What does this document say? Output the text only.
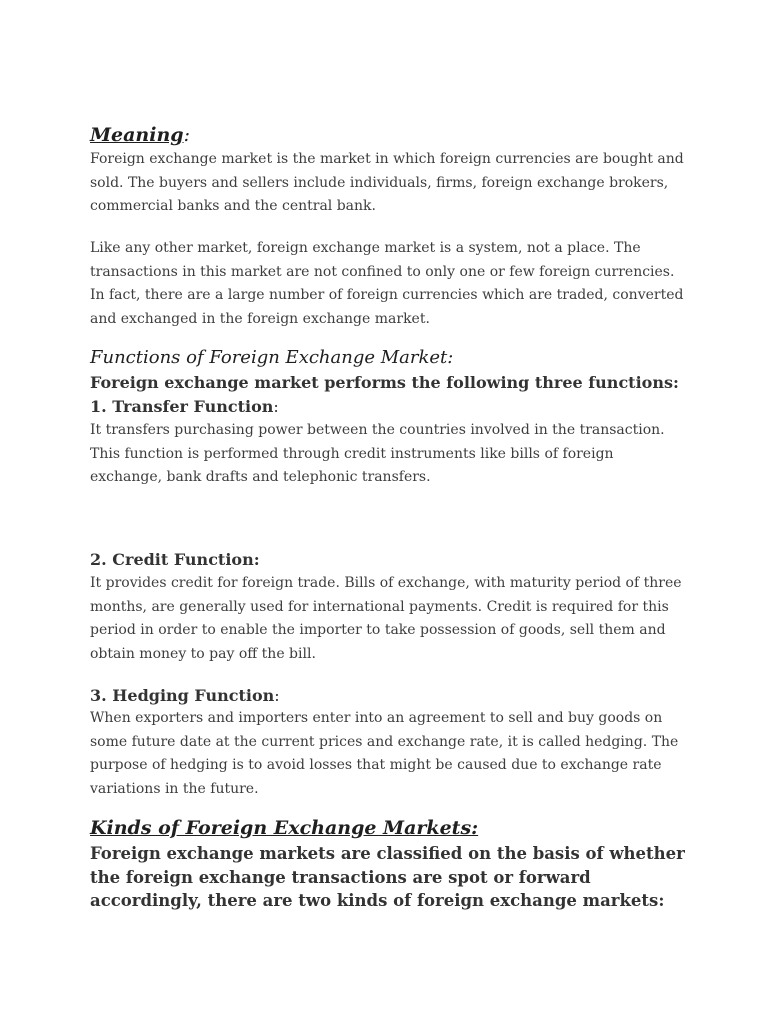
Meaning:
Foreign exchange market is the market in which foreign currencies are bought and sold. The buyers and sellers include individuals, firms, foreign exchange brokers, commercial banks and the central bank.
Like any other market, foreign exchange market is a system, not a place. The transactions in this market are not confined to only one or few foreign currencies. In fact, there are a large number of foreign currencies which are traded, converted and exchanged in the foreign exchange market.
Functions of Foreign Exchange Market:
Foreign exchange market performs the following three functions:
1. Transfer Function:
It transfers purchasing power between the countries involved in the transaction. This function is performed through credit instruments like bills of foreign exchange, bank drafts and telephonic transfers.
2. Credit Function:
It provides credit for foreign trade. Bills of exchange, with maturity period of three months, are generally used for international payments. Credit is required for this period in order to enable the importer to take possession of goods, sell them and obtain money to pay off the bill.
3. Hedging Function:
When exporters and importers enter into an agreement to sell and buy goods on some future date at the current prices and exchange rate, it is called hedging. The purpose of hedging is to avoid losses that might be caused due to exchange rate variations in the future.
Kinds of Foreign Exchange Markets:
Foreign exchange markets are classified on the basis of whether the foreign exchange transactions are spot or forward accordingly, there are two kinds of foreign exchange markets:
